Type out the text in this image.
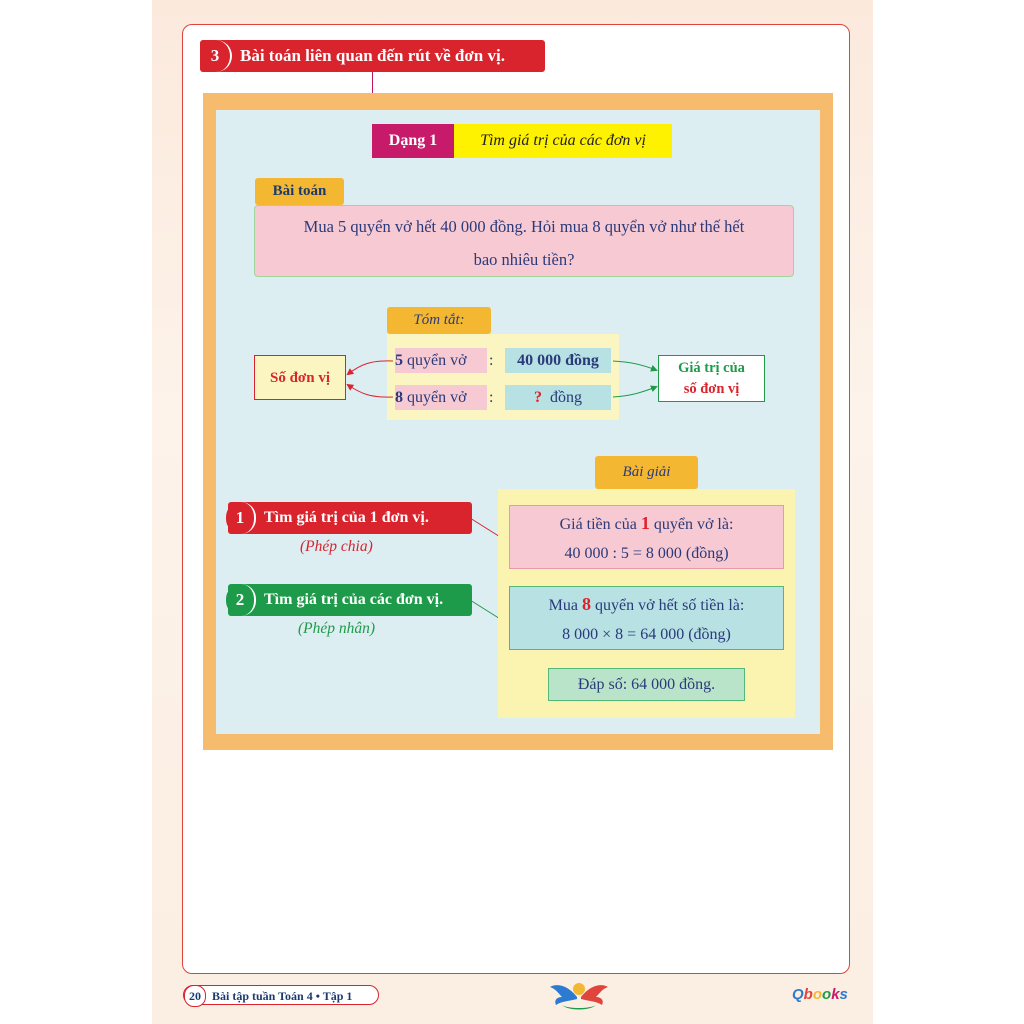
3	Bài toán liên quan đến rút về đơn vị.
Dạng 1	Tìm giá trị của các đơn vị
Bài toán
Mua 5 quyển vở hết 40 000 đồng. Hỏi mua 8 quyển vở như thế hết
bao nhiêu tiền?
Tóm tắt:
5 quyển vở	:	40 000 đồng
8 quyển vở	:	? đồng
Số đơn vị
Giá trị của
số đơn vị
Bài giải
1	Tìm giá trị của 1 đơn vị.
(Phép chia)
2	Tìm giá trị của các đơn vị.
(Phép nhân)
Giá tiền của 1 quyển vở là:
40 000 : 5 = 8 000 (đồng)
Mua 8 quyển vở hết số tiền là:
8 000 × 8 = 64 000 (đồng)
Đáp số: 64 000 đồng.
20 Bài tập tuần Toán 4 • Tập 1	Qbooks
